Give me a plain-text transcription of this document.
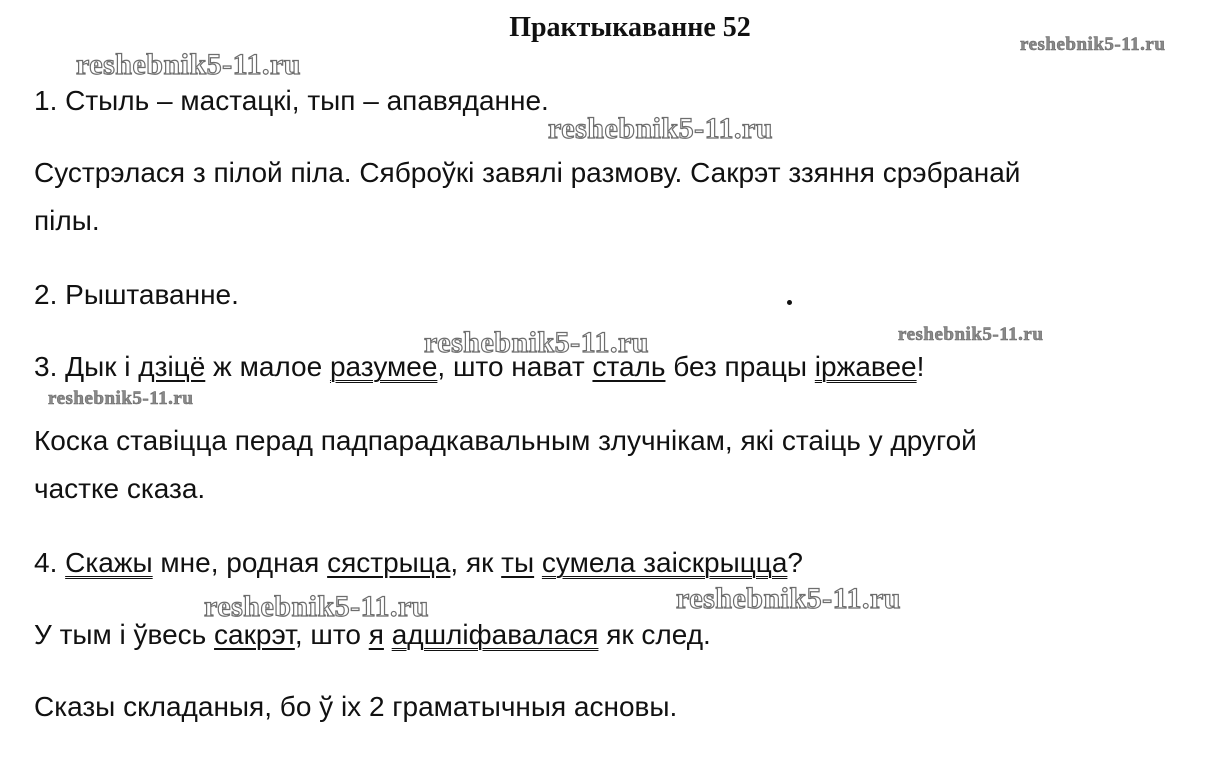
Практыкаванне 52
reshebnik5-11.ru
reshebnik5-11.ru
reshebnik5-11.ru
reshebnik5-11.ru	reshebnik5-11.ru
reshebnik5-11.ru
reshebnik5-11.ru	reshebnik5-11.ru
1. Стыль – мастацкі, тып – апавяданне.
Сустрэлася з пілой піла. Сяброўкі завялі размову. Сакрэт ззяння срэбранай
пілы.
2. Рыштаванне.
3. Дык і дзіцё ж малое разумее, што нават сталь без працы іржавее!
Коска ставіцца перад падпарадкавальным злучнікам, які стаіць у другой
частке сказа.
4. Скажы мне, родная сястрыца, як ты сумела заіскрыцца?
У тым і ўвесь сакрэт, што я адшліфавалася як след.
Сказы складаныя, бо ў іх 2 граматычныя асновы.
